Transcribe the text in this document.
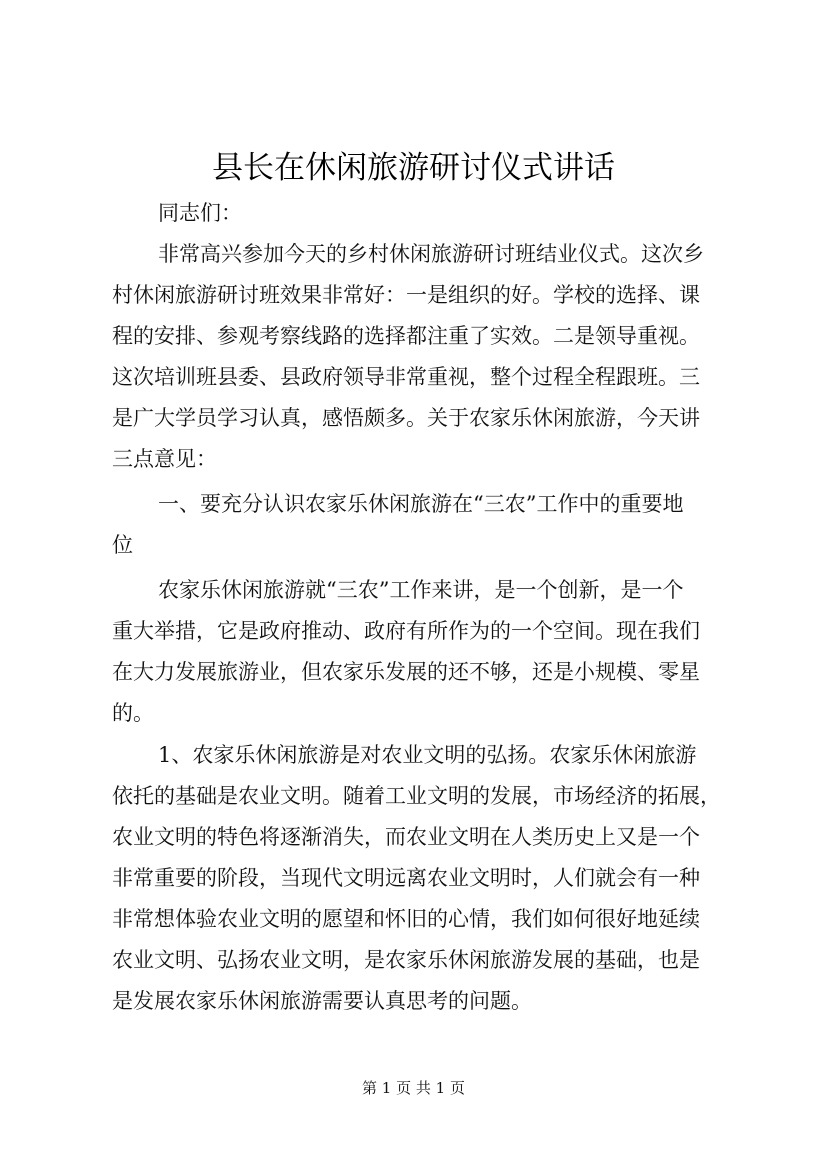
县长在休闲旅游研讨仪式讲话
同志们：
非常高兴参加今天的乡村休闲旅游研讨班结业仪式。这次乡
村休闲旅游研讨班效果非常好：一是组织的好。学校的选择、课
程的安排、参观考察线路的选择都注重了实效。二是领导重视。
这次培训班县委、县政府领导非常重视，整个过程全程跟班。三
是广大学员学习认真，感悟颇多。关于农家乐休闲旅游，今天讲
三点意见：
一、要充分认识农家乐休闲旅游在“三农”工作中的重要地
位
农家乐休闲旅游就“三农”工作来讲，是一个创新，是一个
重大举措，它是政府推动、政府有所作为的一个空间。现在我们
在大力发展旅游业，但农家乐发展的还不够，还是小规模、零星
的。
1、农家乐休闲旅游是对农业文明的弘扬。农家乐休闲旅游
依托的基础是农业文明。随着工业文明的发展，市场经济的拓展，
农业文明的特色将逐渐消失，而农业文明在人类历史上又是一个
非常重要的阶段，当现代文明远离农业文明时，人们就会有一种
非常想体验农业文明的愿望和怀旧的心情，我们如何很好地延续
农业文明、弘扬农业文明，是农家乐休闲旅游发展的基础，也是
是发展农家乐休闲旅游需要认真思考的问题。
第 1 页 共 1 页
